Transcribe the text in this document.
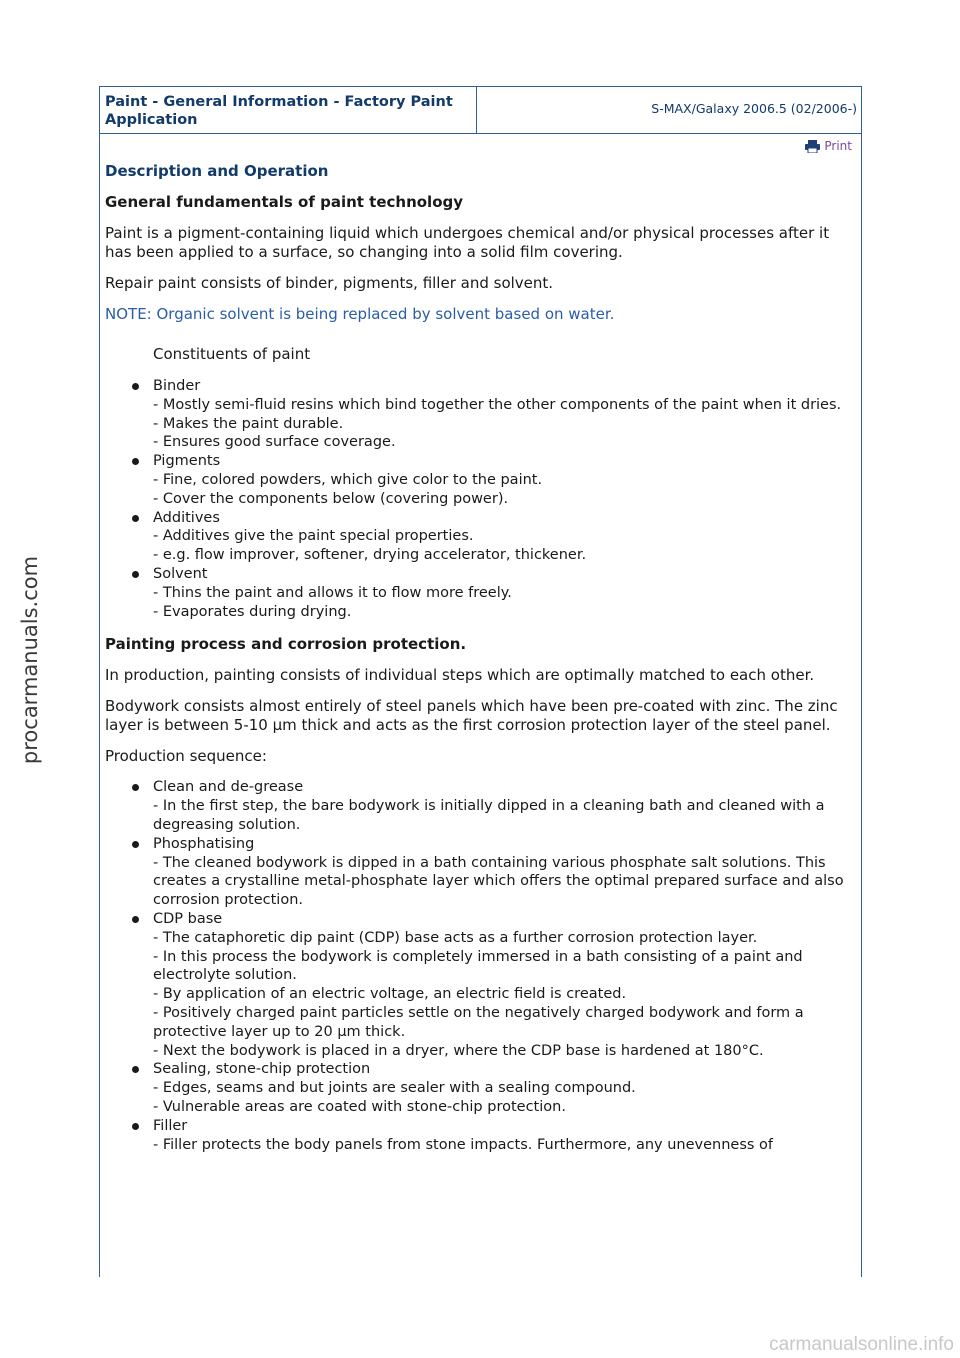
procarmanuals.com
Paint - General Information - Factory Paint Application
S-MAX/Galaxy 2006.5 (02/2006-)
Print
Description and Operation
General fundamentals of paint technology

Paint is a pigment-containing liquid which undergoes chemical and/or physical processes after it has been applied to a surface, so changing into a solid film covering.

Repair paint consists of binder, pigments, filler and solvent.

NOTE: Organic solvent is being replaced by solvent based on water.
Constituents of paint
Binder
- Mostly semi-fluid resins which bind together the other components of the paint when it dries.
- Makes the paint durable.
- Ensures good surface coverage.
Pigments
- Fine, colored powders, which give color to the paint.
- Cover the components below (covering power).
Additives
- Additives give the paint special properties.
- e.g. flow improver, softener, drying accelerator, thickener.
Solvent
- Thins the paint and allows it to flow more freely.
- Evaporates during drying.
Painting process and corrosion protection.

In production, painting consists of individual steps which are optimally matched to each other.

Bodywork consists almost entirely of steel panels which have been pre-coated with zinc. The zinc layer is between 5-10 µm thick and acts as the first corrosion protection layer of the steel panel.

Production sequence:

Clean and de-grease
- In the first step, the bare bodywork is initially dipped in a cleaning bath and cleaned with a degreasing solution.
Phosphatising
- The cleaned bodywork is dipped in a bath containing various phosphate salt solutions. This creates a crystalline metal-phosphate layer which offers the optimal prepared surface and also corrosion protection.
CDP base
- The cataphoretic dip paint (CDP) base acts as a further corrosion protection layer.
- In this process the bodywork is completely immersed in a bath consisting of a paint and electrolyte solution.
- By application of an electric voltage, an electric field is created.
- Positively charged paint particles settle on the negatively charged bodywork and form a protective layer up to 20 µm thick.
- Next the bodywork is placed in a dryer, where the CDP base is hardened at 180°C.
Sealing, stone-chip protection
- Edges, seams and but joints are sealer with a sealing compound.
- Vulnerable areas are coated with stone-chip protection.
Filler
- Filler protects the body panels from stone impacts. Furthermore, any unevenness of
carmanualsonline.info
